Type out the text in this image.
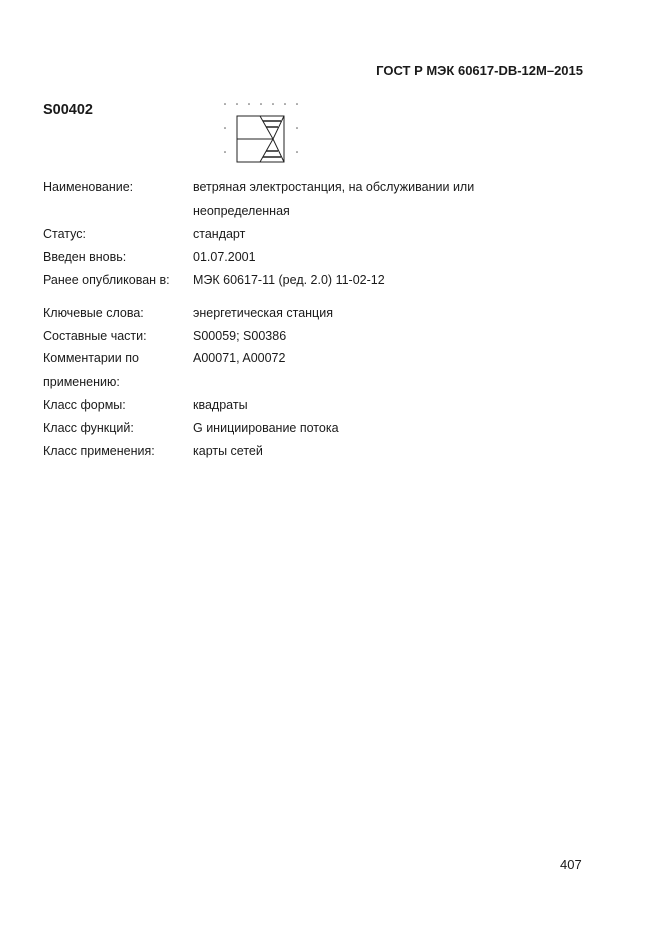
ГОСТ Р МЭК 60617-DB-12M–2015
S00402
Наименование:	ветряная электростанция, на обслуживании или
неопределенная
Статус:	стандарт
Введен вновь:	01.07.2001
Ранее опубликован в: МЭК 60617-11 (ред. 2.0) 11-02-12
Ключевые слова:	энергетическая станция
Составные части:	S00059; S00386
Комментарии по	A00071, A00072
применению:
Класс формы:	квадраты
Класс функций:	G инициирование потока
Класс применения:	карты сетей
407
